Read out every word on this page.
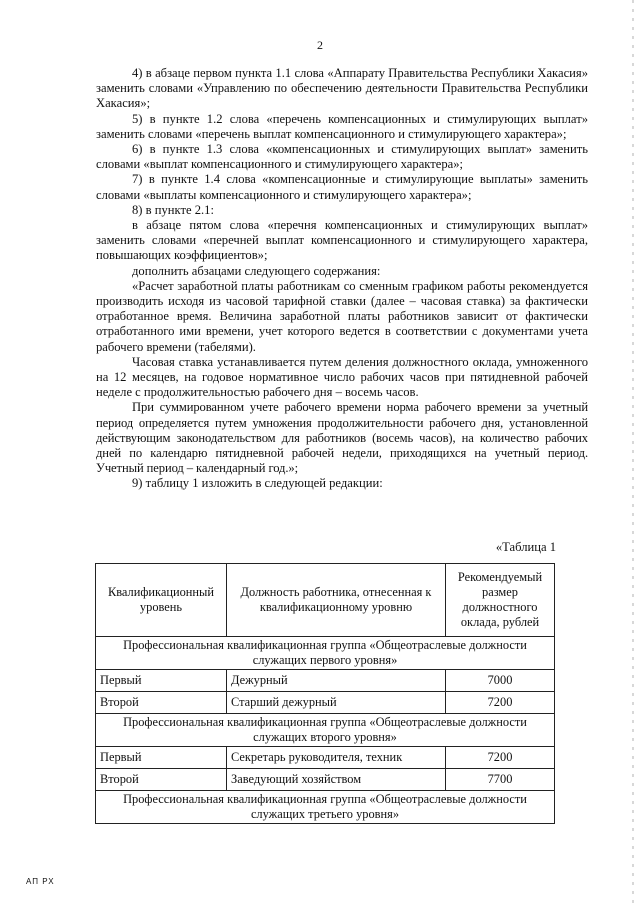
2

4) в абзаце первом пункта 1.1 слова «Аппарату Правительства Республики Хакасия» заменить словами «Управлению по обеспечению деятельности Правительства Республики Хакасия»;

5) в пункте 1.2 слова «перечень компенсационных и стимулирующих выплат» заменить словами «перечень выплат компенсационного и стимулирующего характера»;

6) в пункте 1.3 слова «компенсационных и стимулирующих выплат» заменить словами «выплат компенсационного и стимулирующего характера»;

7) в пункте 1.4 слова «компенсационные и стимулирующие выплаты» заменить словами «выплаты компенсационного и стимулирующего характера»;

8) в пункте 2.1:

в абзаце пятом слова «перечня компенсационных и стимулирующих выплат» заменить словами «перечней выплат компенсационного и стимулирующего характера, повышающих коэффициентов»;

дополнить абзацами следующего содержания:

«Расчет заработной платы работникам со сменным графиком работы рекомендуется производить исходя из часовой тарифной ставки (далее – часовая ставка) за фактически отработанное время. Величина заработной платы работников зависит от фактически отработанного ими времени, учет которого ведется в соответствии с документами учета рабочего времени (табелями).

Часовая ставка устанавливается путем деления должностного оклада, умноженного на 12 месяцев, на годовое нормативное число рабочих часов при пятидневной рабочей неделе с продолжительностью рабочего дня – восемь часов.

При суммированном учете рабочего времени норма рабочего времени за учетный период определяется путем умножения продолжительности рабочего дня, установленной действующим законодательством для работников (восемь часов), на количество рабочих дней по календарю пятидневной рабочей недели, приходящихся на учетный период. Учетный период – календарный год.»;

9) таблицу 1 изложить в следующей редакции:

«Таблица 1
Квалификационный уровень	Должность работника, отнесенная к квалификационному уровню	Рекомендуемый размер должностного оклада, рублей
Профессиональная квалификационная группа «Общеотраслевые должности служащих первого уровня»		
Первый	Дежурный	7000
Второй	Старший дежурный	7200
Профессиональная квалификационная группа «Общеотраслевые должности служащих второго уровня»		
Первый	Секретарь руководителя, техник	7200
Второй	Заведующий хозяйством	7700
Профессиональная квалификационная группа «Общеотраслевые должности служащих третьего уровня»		
АП РХ
